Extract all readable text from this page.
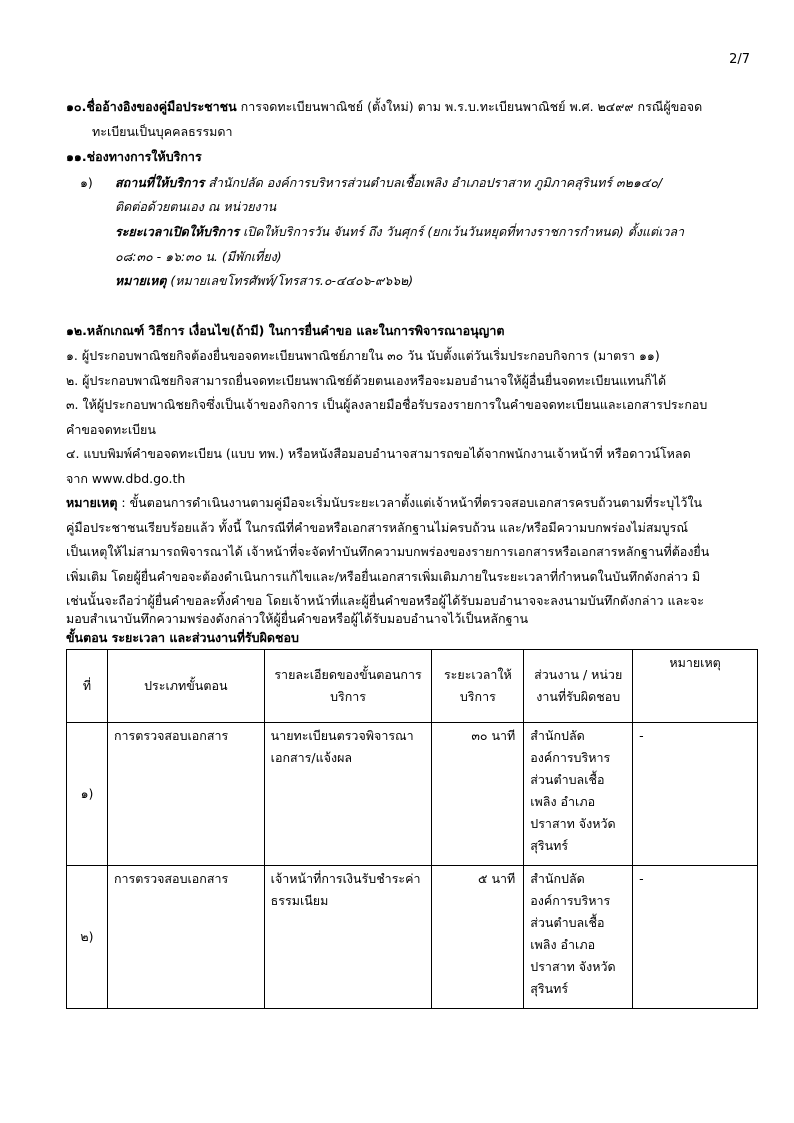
2/7
๑๐.ชื่ออ้างอิงของคู่มือประชาชน การจดทะเบียนพาณิชย์ (ตั้งใหม่) ตาม พ.ร.บ.ทะเบียนพาณิชย์ พ.ศ. ๒๔๙๙ กรณีผู้ขอจด
ทะเบียนเป็นบุคคลธรรมดา
๑๑.ช่องทางการให้บริการ
๑) สถานที่ให้บริการ สำนักปลัด องค์การบริหารส่วนตำบลเชื้อเพลิง อำเภอปราสาท ภูมิภาคสุรินทร์ ๓๒๑๔๐/
ติดต่อด้วยตนเอง ณ หน่วยงาน
ระยะเวลาเปิดให้บริการ เปิดให้บริการวัน จันทร์ ถึง วันศุกร์ (ยกเว้นวันหยุดที่ทางราชการกำหนด) ตั้งแต่เวลา
๐๘:๓๐ - ๑๖:๓๐ น. (มีพักเที่ยง)
หมายเหตุ (หมายเลขโทรศัพท์/โทรสาร.๐-๔๔๐๖-๙๖๖๒)
๑๒.หลักเกณฑ์ วิธีการ เงื่อนไข(ถ้ามี) ในการยื่นคำขอ และในการพิจารณาอนุญาต
๑. ผู้ประกอบพาณิชยกิจต้องยื่นขอจดทะเบียนพาณิชย์ภายใน ๓๐ วัน นับตั้งแต่วันเริ่มประกอบกิจการ (มาตรา ๑๑)
๒. ผู้ประกอบพาณิชยกิจสามารถยื่นจดทะเบียนพาณิชย์ด้วยตนเองหรือจะมอบอำนาจให้ผู้อื่นยื่นจดทะเบียนแทนก็ได้
๓. ให้ผู้ประกอบพาณิชยกิจซึ่งเป็นเจ้าของกิจการ เป็นผู้ลงลายมือชื่อรับรองรายการในคำขอจดทะเบียนและเอกสารประกอบ
คำขอจดทะเบียน
๔. แบบพิมพ์คำขอจดทะเบียน (แบบ ทพ.) หรือหนังสือมอบอำนาจสามารถขอได้จากพนักงานเจ้าหน้าที่ หรือดาวน์โหลด
จาก www.dbd.go.th
หมายเหตุ : ขั้นตอนการดำเนินงานตามคู่มือจะเริ่มนับระยะเวลาตั้งแต่เจ้าหน้าที่ตรวจสอบเอกสารครบถ้วนตามที่ระบุไว้ใน
คู่มือประชาชนเรียบร้อยแล้ว ทั้งนี้ ในกรณีที่คำขอหรือเอกสารหลักฐานไม่ครบถ้วน และ/หรือมีความบกพร่องไม่สมบูรณ์
เป็นเหตุให้ไม่สามารถพิจารณาได้ เจ้าหน้าที่จะจัดทำบันทึกความบกพร่องของรายการเอกสารหรือเอกสารหลักฐานที่ต้องยื่น
เพิ่มเติม โดยผู้ยื่นคำขอจะต้องดำเนินการแก้ไขและ/หรือยื่นเอกสารเพิ่มเติมภายในระยะเวลาที่กำหนดในบันทึกดังกล่าว มิ
เช่นนั้นจะถือว่าผู้ยื่นคำขอละทิ้งคำขอ โดยเจ้าหน้าที่และผู้ยื่นคำขอหรือผู้ได้รับมอบอำนาจจะลงนามบันทึกดังกล่าว และจะ
มอบสำเนาบันทึกความพร่องดังกล่าวให้ผู้ยื่นคำขอหรือผู้ได้รับมอบอำนาจไว้เป็นหลักฐาน
ขั้นตอน ระยะเวลา และส่วนงานที่รับผิดชอบ
ที่	ประเภทขั้นตอน	รายละเอียดของขั้นตอนการบริการ	ระยะเวลาให้บริการ	ส่วนงาน / หน่วยงานที่รับผิดชอบ	หมายเหตุ
๑)	การตรวจสอบเอกสาร	นายทะเบียนตรวจพิจารณาเอกสาร/แจ้งผล	๓๐ นาที	สำนักปลัด องค์การบริหารส่วนตำบลเชื้อเพลิง อำเภอปราสาท จังหวัดสุรินทร์	-
๒)	การตรวจสอบเอกสาร	เจ้าหน้าที่การเงินรับชำระค่าธรรมเนียม	๕ นาที	สำนักปลัด องค์การบริหารส่วนตำบลเชื้อเพลิง อำเภอปราสาท จังหวัดสุรินทร์	-
